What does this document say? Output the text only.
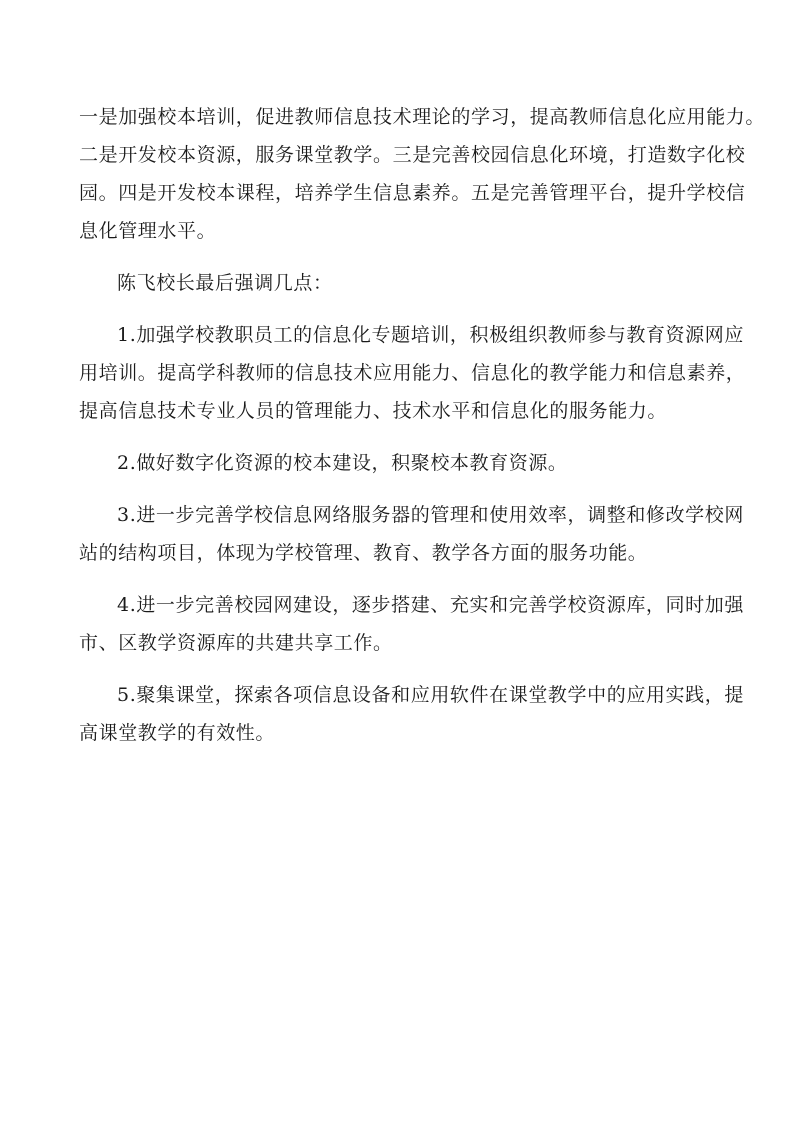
一是加强校本培训，促进教师信息技术理论的学习，提高教师信息化应用能力。
二是开发校本资源，服务课堂教学。三是完善校园信息化环境，打造数字化校
园。四是开发校本课程，培养学生信息素养。五是完善管理平台，提升学校信
息化管理水平。
陈飞校长最后强调几点：
1.加强学校教职员工的信息化专题培训，积极组织教师参与教育资源网应
用培训。提高学科教师的信息技术应用能力、信息化的教学能力和信息素养，
提高信息技术专业人员的管理能力、技术水平和信息化的服务能力。
2.做好数字化资源的校本建设，积聚校本教育资源。
3.进一步完善学校信息网络服务器的管理和使用效率，调整和修改学校网
站的结构项目，体现为学校管理、教育、教学各方面的服务功能。
4.进一步完善校园网建设，逐步搭建、充实和完善学校资源库，同时加强
市、区教学资源库的共建共享工作。
5.聚集课堂，探索各项信息设备和应用软件在课堂教学中的应用实践，提
高课堂教学的有效性。
